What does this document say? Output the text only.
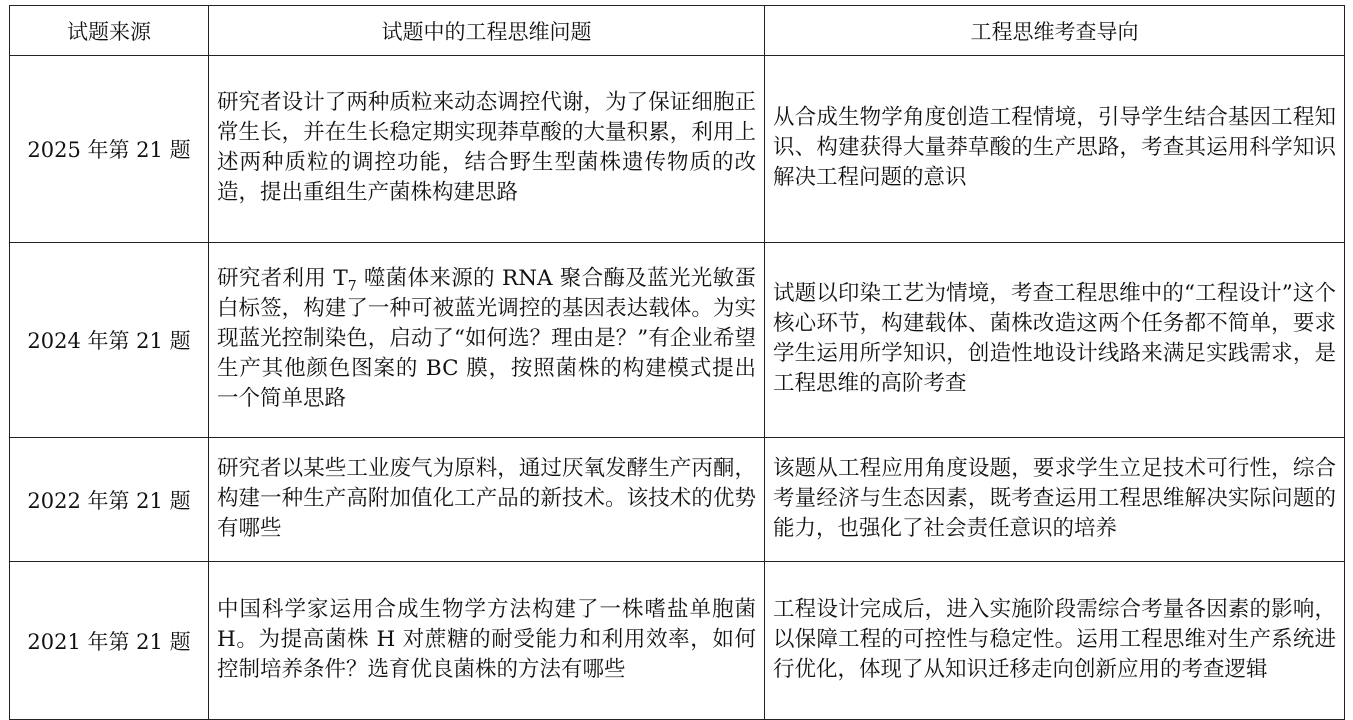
试题来源	试题中的工程思维问题	工程思维考查导向
2025 年第 21 题	研究者设计了两种质粒来动态调控代谢，为了保证细胞正常生长，并在生长稳定期实现莽草酸的大量积累，利用上述两种质粒的调控功能，结合野生型菌株遗传物质的改造，提出重组生产菌株构建思路	从合成生物学角度创造工程情境，引导学生结合基因工程知识、构建获得大量莽草酸的生产思路，考查其运用科学知识解决工程问题的意识
2024 年第 21 题	研究者利用 $T_7$ 噬菌体来源的 RNA 聚合酶及蓝光光敏蛋白标签，构建了一种可被蓝光调控的基因表达载体。为实现蓝光控制染色，启动了“如何选？理由是？”有企业希望生产其他颜色图案的 BC 膜，按照菌株的构建模式提出一个简单思路	试题以印染工艺为情境，考查工程思维中的“工程设计”这个核心环节，构建载体、菌株改造这两个任务都不简单，要求学生运用所学知识，创造性地设计线路来满足实践需求，是工程思维的高阶考查
2022 年第 21 题	研究者以某些工业废气为原料，通过厌氧发酵生产丙酮，构建一种生产高附加值化工产品的新技术。该技术的优势有哪些	该题从工程应用角度设题，要求学生立足技术可行性，综合考量经济与生态因素，既考查运用工程思维解决实际问题的能力，也强化了社会责任意识的培养
2021 年第 21 题	中国科学家运用合成生物学方法构建了一株嗜盐单胞菌 H。为提高菌株 H 对蔗糖的耐受能力和利用效率，如何控制培养条件？选育优良菌株的方法有哪些	工程设计完成后，进入实施阶段需综合考量各因素的影响，以保障工程的可控性与稳定性。运用工程思维对生产系统进行优化，体现了从知识迁移走向创新应用的考查逻辑
